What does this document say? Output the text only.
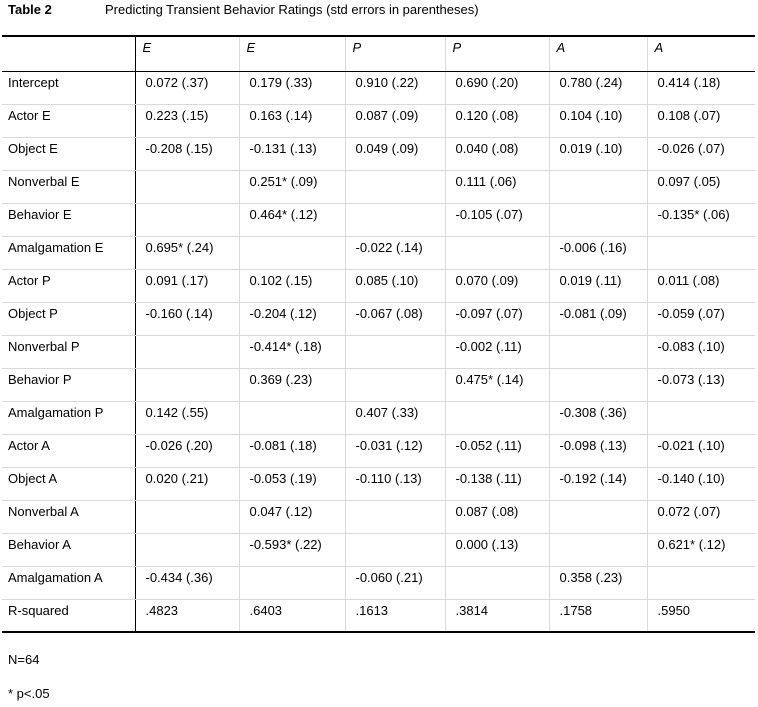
Table 2	Predicting Transient Behavior Ratings (std errors in parentheses)
	E	E	P	P	A	A
Intercept	0.072 (.37)	0.179 (.33)	0.910 (.22)	0.690 (.20)	0.780 (.24)	0.414 (.18)
Actor E	0.223 (.15)	0.163 (.14)	0.087 (.09)	0.120 (.08)	0.104 (.10)	0.108 (.07)
Object E	-0.208 (.15)	-0.131 (.13)	0.049 (.09)	0.040 (.08)	0.019 (.10)	-0.026 (.07)
Nonverbal E		0.251* (.09)		0.111 (.06)		0.097 (.05)
Behavior E		0.464* (.12)		-0.105 (.07)		-0.135* (.06)
Amalgamation E	0.695* (.24)		-0.022 (.14)		-0.006 (.16)	
Actor P	0.091 (.17)	0.102 (.15)	0.085 (.10)	0.070 (.09)	0.019 (.11)	0.011 (.08)
Object P	-0.160 (.14)	-0.204 (.12)	-0.067 (.08)	-0.097 (.07)	-0.081 (.09)	-0.059 (.07)
Nonverbal P		-0.414* (.18)		-0.002 (.11)		-0.083 (.10)
Behavior P		0.369 (.23)		0.475* (.14)		-0.073 (.13)
Amalgamation P	0.142 (.55)		0.407 (.33)		-0.308 (.36)	
Actor A	-0.026 (.20)	-0.081 (.18)	-0.031 (.12)	-0.052 (.11)	-0.098 (.13)	-0.021 (.10)
Object A	0.020 (.21)	-0.053 (.19)	-0.110 (.13)	-0.138 (.11)	-0.192 (.14)	-0.140 (.10)
Nonverbal A		0.047 (.12)		0.087 (.08)		0.072 (.07)
Behavior A		-0.593* (.22)		0.000 (.13)		0.621* (.12)
Amalgamation A	-0.434 (.36)		-0.060 (.21)		0.358 (.23)	
R-squared	.4823	.6403	.1613	.3814	.1758	.5950
N=64
* p<.05
